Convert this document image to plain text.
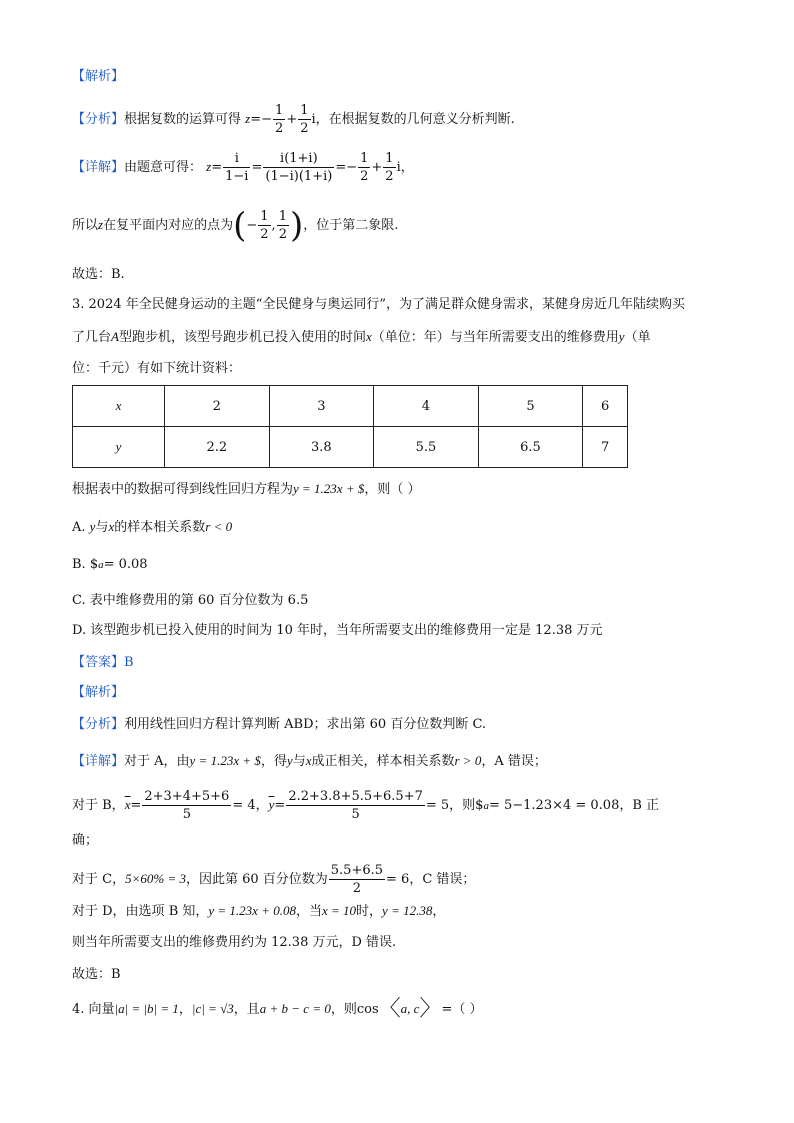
【解析】
【分析】根据复数的运算可得 $z=- \frac{1}{2} + \frac{1}{2}$ i，在根据复数的几何意义分析判断.
【详解】由题意可得： $z= \frac{i}{1-i} = \frac{i(1+i)}{(1-i)(1+i)} =- \frac{1}{2} + \frac{1}{2}$ i，
所以z在复平面内对应的点为(− $\frac{1}{2}$ , $\frac{1}{2}$ )，位于第二象限.
故选：B.
3. 2024 年全民健身运动的主题“全民健身与奥运同行”，为了满足群众健身需求，某健身房近几年陆续购买
了几台A型跑步机，该型号跑步机已投入使用的时间x（单位：年）与当年所需要支出的维修费用y（单
位：千元）有如下统计资料：
x	2	3	4	5	6
y	2.2	3.8	5.5	6.5	7
根据表中的数据可得到线性回归方程为y = 1.23x + $，则（ ）
A. y与x的样本相关系数r < 0
B. $a= 0.08
C. 表中维修费用的第 60 百分位数为 6.5
D. 该型跑步机已投入使用的时间为 10 年时，当年所需要支出的维修费用一定是 12.38 万元
【答案】B
【解析】
【分析】利用线性回归方程计算判断 ABD；求出第 60 百分位数判断 C.
【详解】对于 A，由y = 1.23x + $，得y与x成正相关，样本相关系数r > 0，A 错误；
对于 B，$\overline{x}= \frac{2+3+4+5+6}{5} = 4$，$\overline{y}= \frac{2.2+3.8+5.5+6.5+7}{5} = 5$，则$a= 5−1.23×4 = 0.08，B 正
确；
对于 C，5×60% = 3，因此第 60 百分位数为 $\frac{5.5+6.5}{2} = 6$，C 错误；
对于 D，由选项 B 知，y = 1.23x + 0.08，当x = 10时，y = 12.38，
则当年所需要支出的维修费用约为 12.38 万元，D 错误.
故选：B
4. 向量|a| = |b| = 1，|c| = √3，且a + b − c = 0，则cos〈a, c〉=（ ）
